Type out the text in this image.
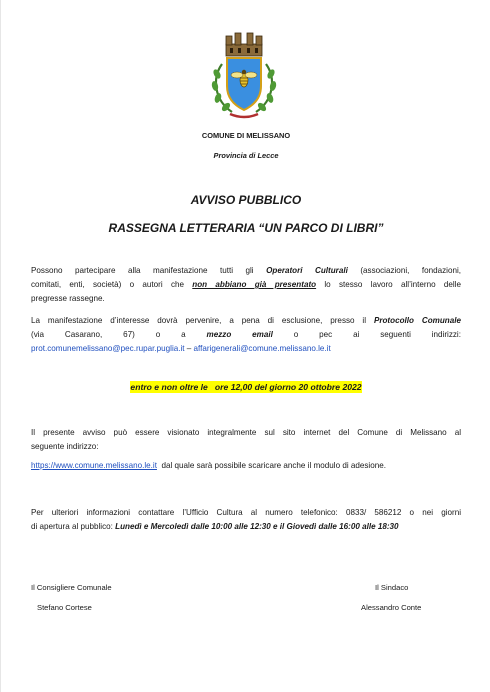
COMUNE DI MELISSANO
Provincia di Lecce
AVVISO PUBBLICO
RASSEGNA LETTERARIA “UN PARCO DI LIBRI”
Possono partecipare alla manifestazione tutti gli Operatori Culturali (associazioni, fondazioni,
comitati, enti, società) o autori che non abbiano già presentato lo stesso lavoro all’interno delle
pregresse rassegne.
La manifestazione d’interesse dovrà pervenire, a pena di esclusione, presso il Protocollo Comunale
(via Casarano, 67) o a mezzo email o pec ai seguenti indirizzi:
prot.comunemelissano@pec.rupar.puglia.it – affarigenerali@comune.melissano.le.it
entro e non oltre le   ore 12,00 del giorno 20 ottobre 2022
Il presente avviso può essere visionato integralmente sul sito internet del Comune di Melissano al
seguente indirizzo:
https://www.comune.melissano.le.it  dal quale sarà possibile scaricare anche il modulo di adesione.
Per ulteriori informazioni contattare l’Ufficio Cultura al numero telefonico: 0833/ 586212 o nei giorni
di apertura al pubblico: Lunedì e Mercoledì dalle 10:00 alle 12:30 e il Giovedì dalle 16:00 alle 18:30
Il Consigliere Comunale
Stefano Cortese
Il Sindaco
Alessandro Conte
